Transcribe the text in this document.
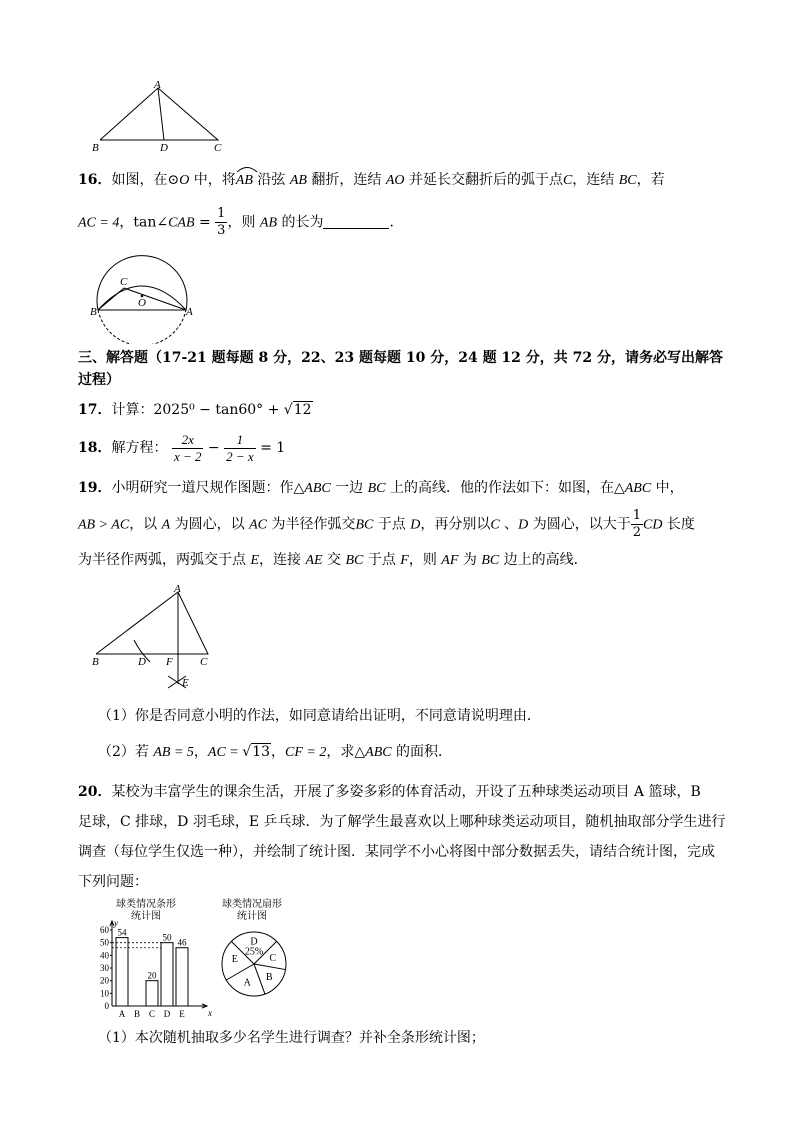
A
B	D	C
16．如图，在⊙O 中，将
AB 沿弦 AB 翻折，连结 AO 并延长交翻折后的弧于点C，连结 BC，若
AC = 4，tan∠CAB = $\frac{1}{3}$ ，则 AB 的长为	．
C
O
B	A
三、解答题（17-21 题每题 8 分，22、23 题每题 10 分，24 题 12 分，共 72 分，请务必写出解答
过程）
17．计算：2025⁰ − tan60° + √12
18．解方程： $\frac{2x}{x - 2} - \frac{1}{2 - x} = 1$
19．小明研究一道尺规作图题：作△ABC 一边 BC 上的高线．他的作法如下：如图，在△ABC 中，
AB > AC，以 A 为圆心，以 AC 为半径作弧交BC 于点 D，再分别以C 、D 为圆心，以大于 $\frac{1}{2}$ CD 长度
为半径作两弧，两弧交于点 E，连接 AE 交 BC 于点 F，则 AF 为 BC 边上的高线．
A
B	D F C
E
（1）你是否同意小明的作法，如同意请给出证明，不同意请说明理由．
（2）若 AB = 5，AC = √13，CF = 2，求△ABC 的面积．
20．某校为丰富学生的课余生活，开展了多姿多彩的体育活动，开设了五种球类运动项目 A 篮球，B
足球，C 排球，D 羽毛球，E 乒乓球．为了解学生最喜欢以上哪种球类运动项目，随机抽取部分学生进行
调查（每位学生仅选一种），并绘制了统计图．某同学不小心将图中部分数据丢失，请结合统计图，完成
下列问题：
球类情况条形
统计图
y
x
0
10
20
30
40
50
60
A
54
B C
20
D
50
E
46
球类情况扇形
统计图
D
C
B
A
E
25%
（1）本次随机抽取多少名学生进行调查？并补全条形统计图；
